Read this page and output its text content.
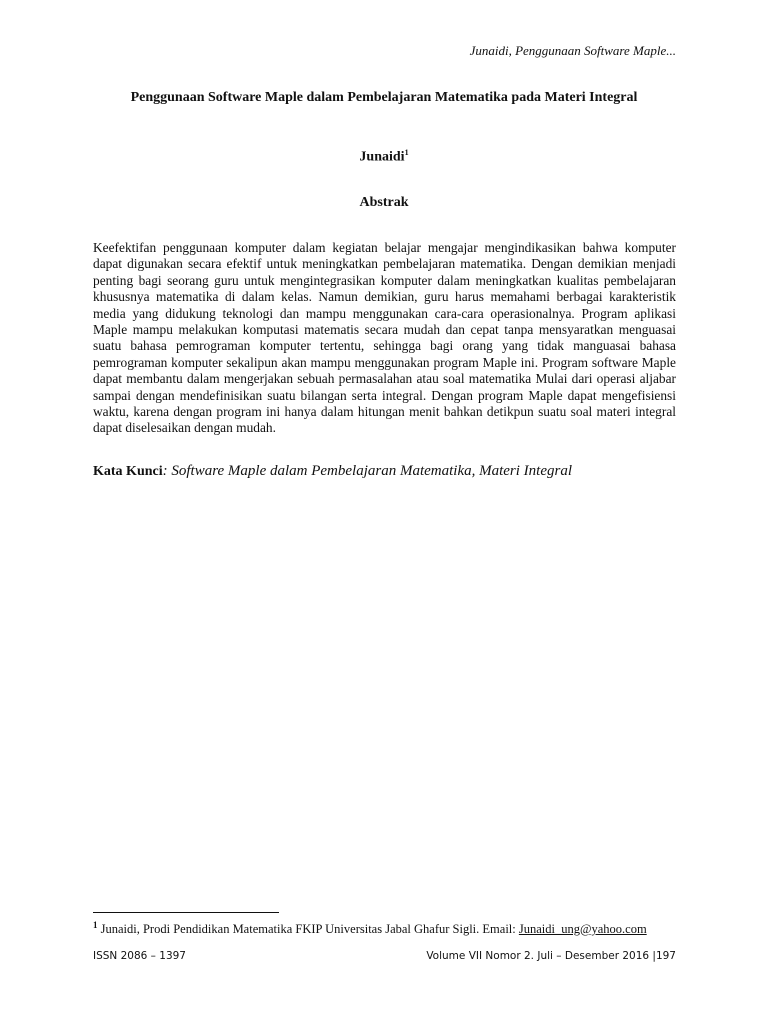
Junaidi, Penggunaan Software Maple...
Penggunaan Software Maple dalam Pembelajaran Matematika pada Materi Integral
Junaidi$^1$
Abstrak

Keefektifan penggunaan komputer dalam kegiatan belajar mengajar mengindikasikan bahwa komputer dapat digunakan secara efektif untuk meningkatkan pembelajaran matematika. Dengan demikian menjadi penting bagi seorang guru untuk mengintegrasikan komputer dalam meningkatkan kualitas pembelajaran khususnya matematika di dalam kelas. Namun demikian, guru harus memahami berbagai karakteristik media yang didukung teknologi dan mampu menggunakan cara-cara operasionalnya. Program aplikasi Maple mampu melakukan komputasi matematis secara mudah dan cepat tanpa mensyaratkan menguasai suatu bahasa pemrograman komputer tertentu, sehingga bagi orang yang tidak manguasai bahasa pemrograman komputer sekalipun akan mampu menggunakan program Maple ini. Program software Maple dapat membantu dalam mengerjakan sebuah permasalahan atau soal matematika Mulai dari operasi aljabar sampai dengan mendefinisikan suatu bilangan serta integral. Dengan program Maple dapat mengefisiensi waktu, karena dengan program ini hanya dalam hitungan menit bahkan detikpun suatu soal materi integral dapat diselesaikan dengan mudah.

Kata Kunci: Software Maple dalam Pembelajaran Matematika, Materi Integral
$^1$ Junaidi, Prodi Pendidikan Matematika FKIP Universitas Jabal Ghafur Sigli. Email: Junaidi_ung@yahoo.com
ISSN 2086 – 1397	Volume VII Nomor 2. Juli – Desember 2016 |197
